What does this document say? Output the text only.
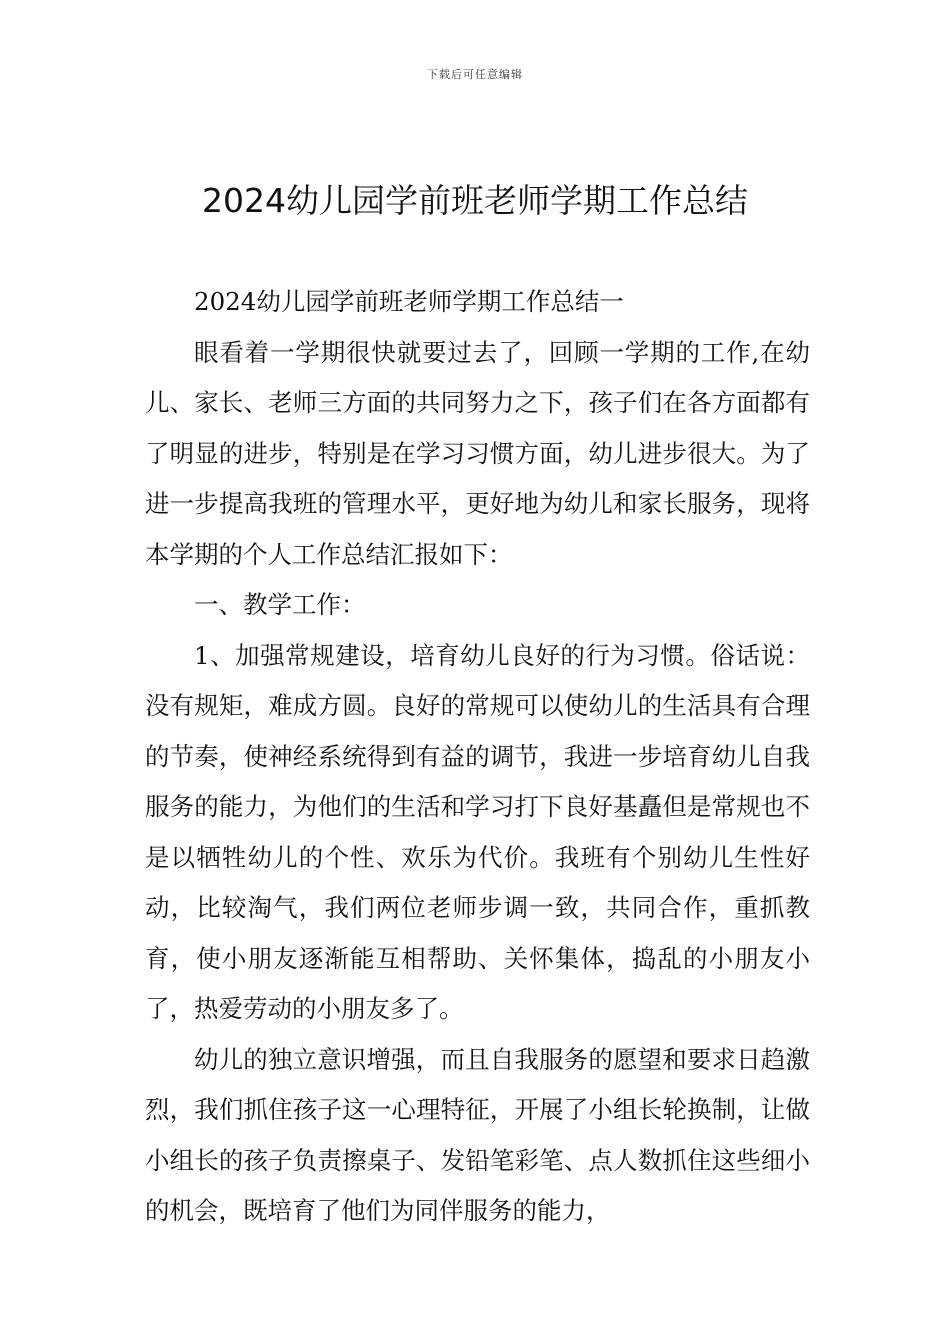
下载后可任意编辑
2024幼儿园学前班老师学期工作总结

2024幼儿园学前班老师学期工作总结一

眼看着一学期很快就要过去了，回顾一学期的工作,在幼儿、家长、老师三方面的共同努力之下，孩子们在各方面都有了明显的进步，特别是在学习习惯方面，幼儿进步很大。为了进一步提高我班的管理水平，更好地为幼儿和家长服务，现将本学期的个人工作总结汇报如下：

一、教学工作：

1、加强常规建设，培育幼儿良好的行为习惯。俗话说：没有规矩，难成方圆。良好的常规可以使幼儿的生活具有合理的节奏，使神经系统得到有益的调节，我进一步培育幼儿自我服务的能力，为他们的生活和学习打下良好基矗但是常规也不是以牺牲幼儿的个性、欢乐为代价。我班有个别幼儿生性好动，比较淘气，我们两位老师步调一致，共同合作，重抓教育，使小朋友逐渐能互相帮助、关怀集体，捣乱的小朋友小了，热爱劳动的小朋友多了。

幼儿的独立意识增强，而且自我服务的愿望和要求日趋激烈，我们抓住孩子这一心理特征，开展了小组长轮换制，让做小组长的孩子负责擦桌子、发铅笔彩笔、点人数抓住这些细小的机会，既培育了他们为同伴服务的能力，
